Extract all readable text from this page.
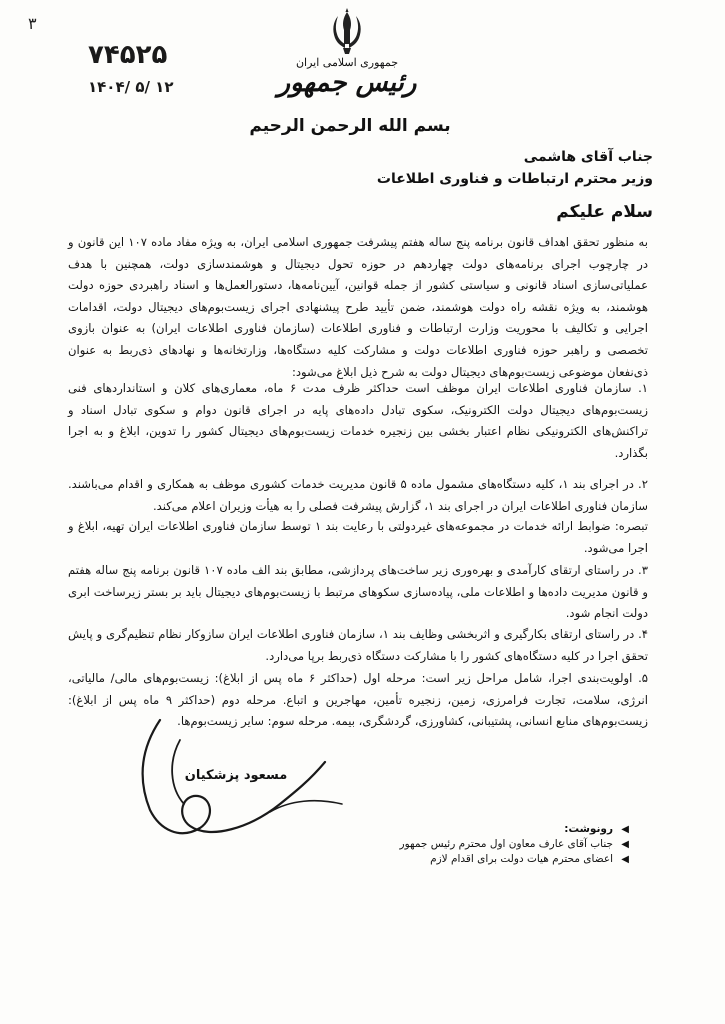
۳
۷۴۵۲۵
۱۴۰۴/ ۵/ ۱۲
جمهوری اسلامی ایران
رئیس جمهور
بسم الله الرحمن الرحیم
جناب آقای هاشمی
وزیر محترم ارتباطات و فناوری اطلاعات
سلام علیکم
به منظور تحقق اهداف قانون برنامه پنج ساله هفتم پیشرفت جمهوری اسلامی ایران، به ویژه مفاد ماده ۱۰۷ این قانون و در چارچوب اجرای برنامه‌های دولت چهاردهم در حوزه تحول دیجیتال و هوشمندسازی دولت، همچنین با هدف عملیاتی‌سازی اسناد قانونی و سیاستی کشور از جمله قوانین، آیین‌نامه‌ها، دستورالعمل‌ها و اسناد راهبردی حوزه دولت هوشمند، به ویژه نقشه راه دولت هوشمند، ضمن تأیید طرح پیشنهادی اجرای زیست‌بوم‌های دیجیتال دولت، اقدامات اجرایی و تکالیف با محوریت وزارت ارتباطات و فناوری اطلاعات (سازمان فناوری اطلاعات ایران) به عنوان بازوی تخصصی و راهبر حوزه فناوری اطلاعات دولت و مشارکت کلیه دستگاه‌ها، وزارتخانه‌ها و نهادهای ذی‌ربط به عنوان ذی‌نفعان موضوعی زیست‌بوم‌های دیجیتال دولت به شرح ذیل ابلاغ می‌شود:
۱. سازمان فناوری اطلاعات ایران موظف است حداکثر ظرف مدت ۶ ماه، معماری‌های کلان و استانداردهای فنی زیست‌بوم‌های دیجیتال دولت الکترونیک، سکوی تبادل داده‌های پایه در اجرای قانون دوام و سکوی تبادل اسناد و تراکنش‌های الکترونیکی نظام اعتبار بخشی بین زنجیره خدمات زیست‌بوم‌های دیجیتال کشور را تدوین، ابلاغ و به اجرا بگذارد.
۲. در اجرای بند ۱، کلیه دستگاه‌های مشمول ماده ۵ قانون مدیریت خدمات کشوری موظف به همکاری و اقدام می‌باشند. سازمان فناوری اطلاعات ایران در اجرای بند ۱، گزارش پیشرفت فصلی را به هیأت وزیران اعلام می‌کند.
تبصره: ضوابط ارائه خدمات در مجموعه‌های غیردولتی با رعایت بند ۱ توسط سازمان فناوری اطلاعات ایران تهیه، ابلاغ و اجرا می‌شود.
۳. در راستای ارتقای کارآمدی و بهره‌وری زیر ساخت‌های پردازشی، مطابق بند الف ماده ۱۰۷ قانون برنامه پنج ساله هفتم و قانون مدیریت داده‌ها و اطلاعات ملی، پیاده‌سازی سکوهای مرتبط با زیست‌بوم‌های دیجیتال باید بر بستر زیرساخت ابری دولت انجام شود.
۴. در راستای ارتقای بکارگیری و اثربخشی وظایف بند ۱، سازمان فناوری اطلاعات ایران سازوکار نظام تنظیم‌گری و پایش تحقق اجرا در کلیه دستگاه‌های کشور را با مشارکت دستگاه ذی‌ربط برپا می‌دارد.
۵. اولویت‌بندی اجرا، شامل مراحل زیر است: مرحله اول (حداکثر ۶ ماه پس از ابلاغ): زیست‌بوم‌های مالی/ مالیاتی، انرژی، سلامت، تجارت فرامرزی، زمین، زنجیره تأمین، مهاجرین و اتباع. مرحله دوم (حداکثر ۹ ماه پس از ابلاغ): زیست‌بوم‌های منابع انسانی، پشتیبانی، کشاورزی، گردشگری، بیمه. مرحله سوم: سایر زیست‌بوم‌ها.
مسعود پزشکیان
◀
رونوشت:
◀
جناب آقای عارف معاون اول محترم رئیس جمهور
◀
اعضای محترم هیات دولت برای اقدام لازم
